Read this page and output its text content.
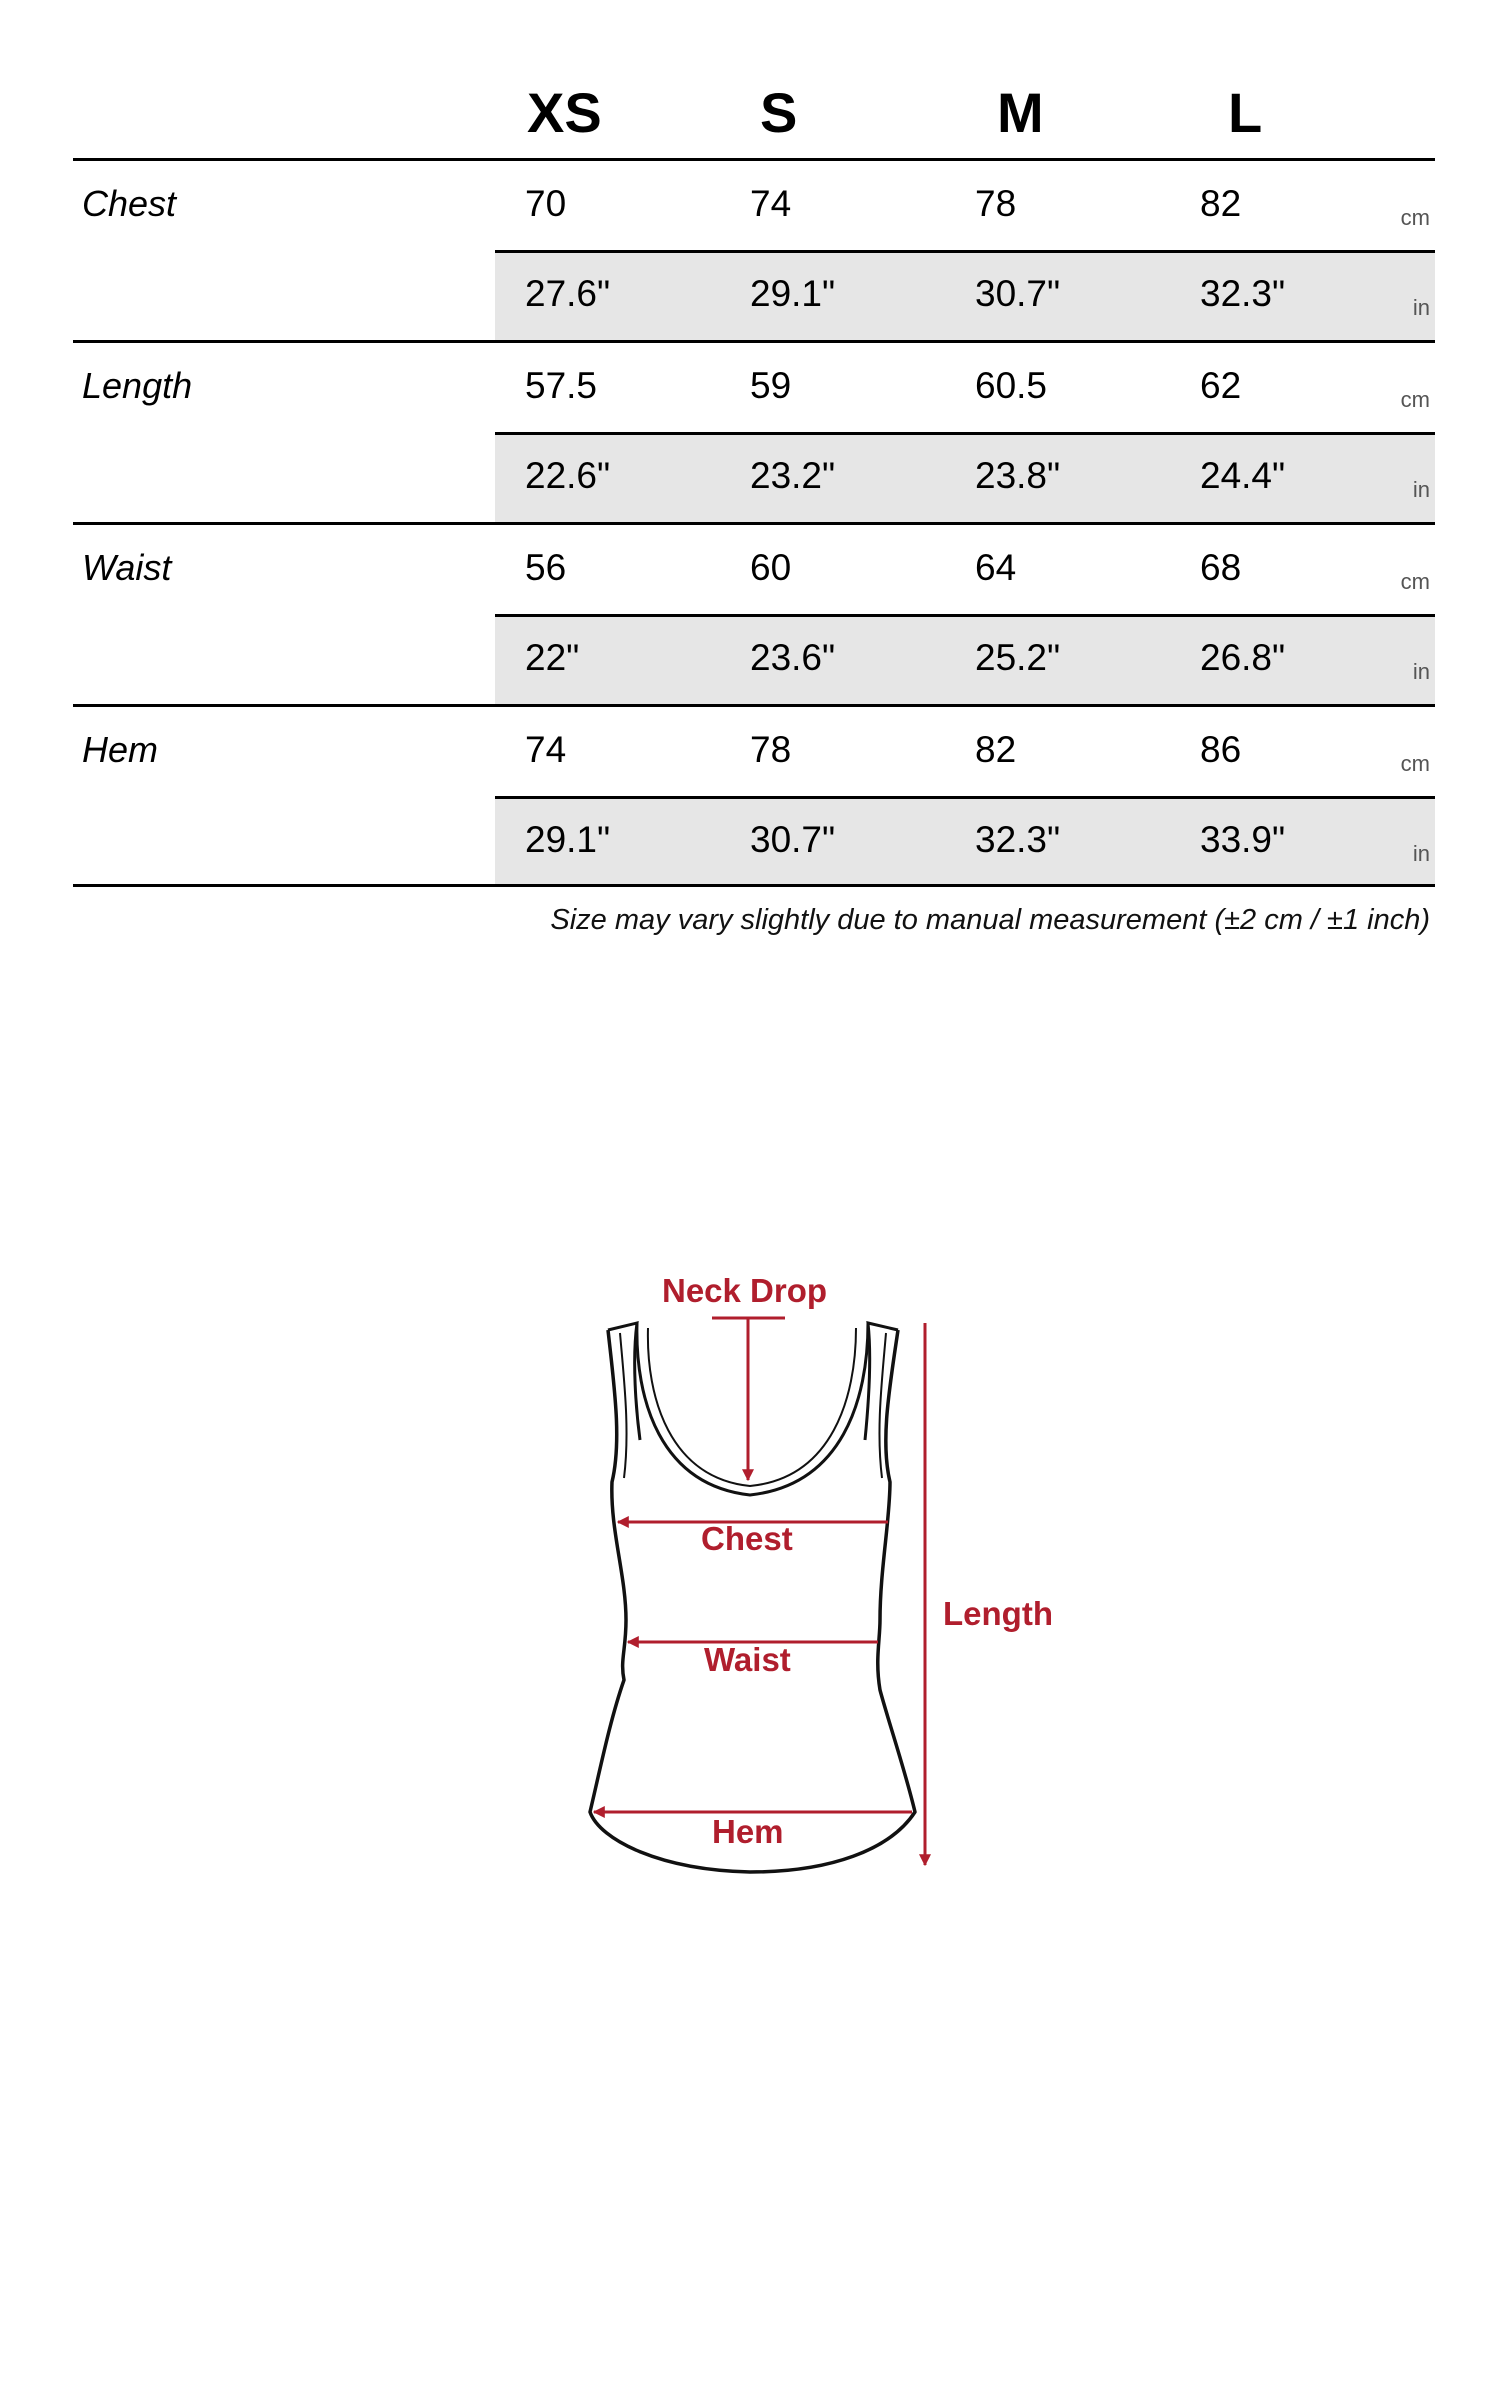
XS	S	M	L
Chest	70	74	78	82	cm
27.6"	29.1"	30.7"	32.3"	in
Length	57.5	59	60.5	62	cm
22.6"	23.2"	23.8"	24.4"	in
Waist	56	60	64	68	cm
22"	23.6"	25.2"	26.8"	in
Hem	74	78	82	86	cm
29.1"	30.7"	32.3"	33.9"	in
Size may vary slightly due to manual measurement (±2 cm / ±1 inch)
Neck Drop
Chest
Waist
Hem
Length
